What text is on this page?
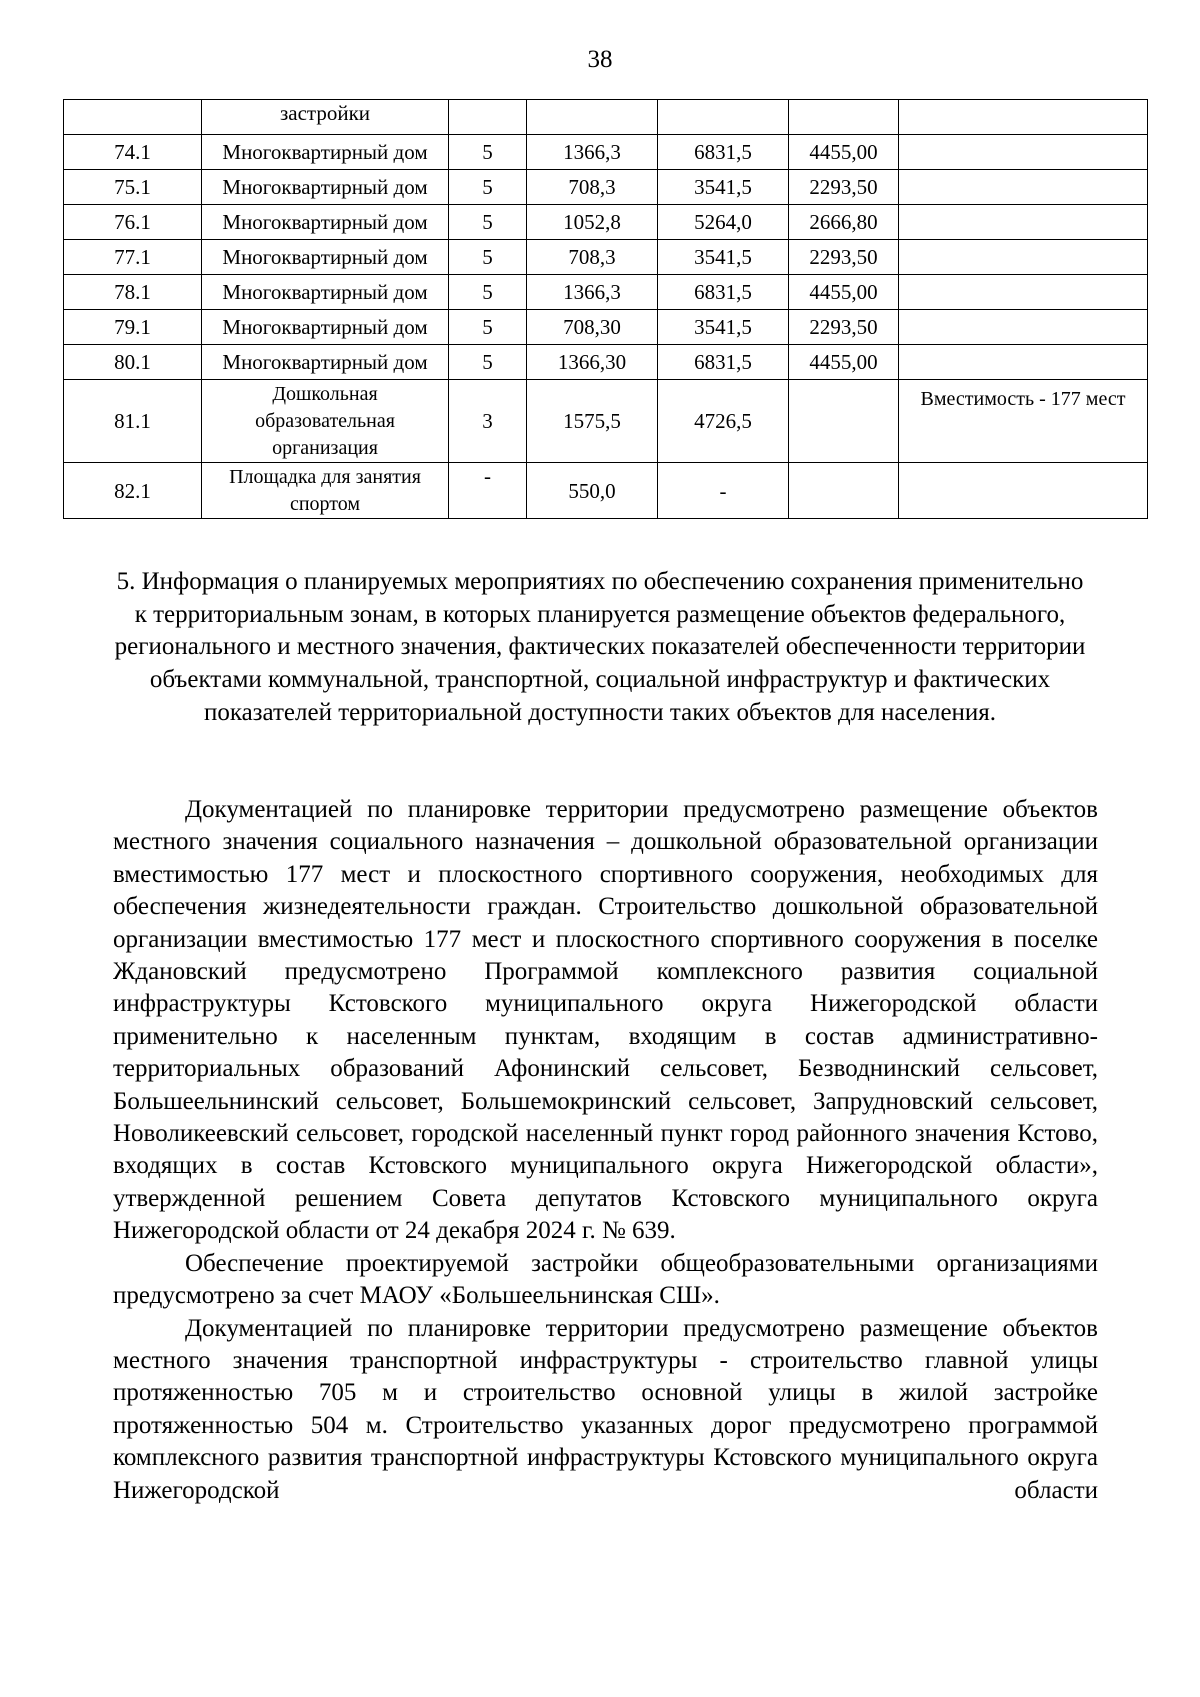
38
	застройки					
74.1	Многоквартирный дом	5	1366,3	6831,5	4455,00	
75.1	Многоквартирный дом	5	708,3	3541,5	2293,50	
76.1	Многоквартирный дом	5	1052,8	5264,0	2666,80	
77.1	Многоквартирный дом	5	708,3	3541,5	2293,50	
78.1	Многоквартирный дом	5	1366,3	6831,5	4455,00	
79.1	Многоквартирный дом	5	708,30	3541,5	2293,50	
80.1	Многоквартирный дом	5	1366,30	6831,5	4455,00	
81.1	Дошкольная образовательная организация	3	1575,5	4726,5		Вместимость - 177 мест
82.1	Площадка для занятия спортом	-	550,0	-		
5. Информация о планируемых мероприятиях по обеспечению сохранения применительно к территориальным зонам, в которых планируется размещение объектов федерального, регионального и местного значения, фактических показателей обеспеченности территории объектами коммунальной, транспортной, социальной инфраструктур и фактических показателей территориальной доступности таких объектов для населения.

Документацией по планировке территории предусмотрено размещение объектов местного значения социального назначения – дошкольной образовательной организации вместимостью 177 мест и плоскостного спортивного сооружения, необходимых для обеспечения жизнедеятельности граждан. Строительство дошкольной образовательной организации вместимостью 177 мест и плоскостного спортивного сооружения в поселке Ждановский предусмотрено Программой комплексного развития социальной инфраструктуры Кстовского муниципального округа Нижегородской области применительно к населенным пунктам, входящим в состав административно-территориальных образований Афонинский сельсовет, Безводнинский сельсовет, Большеельнинский сельсовет, Большемокринский сельсовет, Запрудновский сельсовет, Новоликеевский сельсовет, городской населенный пункт город районного значения Кстово, входящих в состав Кстовского муниципального округа Нижегородской области», утвержденной решением Совета депутатов Кстовского муниципального округа Нижегородской области от 24 декабря 2024 г. № 639.

Обеспечение проектируемой застройки общеобразовательными организациями предусмотрено за счет МАОУ «Большеельнинская СШ».

Документацией по планировке территории предусмотрено размещение объектов местного значения транспортной инфраструктуры - строительство главной улицы протяженностью 705 м и строительство основной улицы в жилой застройке протяженностью 504 м. Строительство указанных дорог предусмотрено программой комплексного развития транспортной инфраструктуры Кстовского муниципального округа Нижегородской области
